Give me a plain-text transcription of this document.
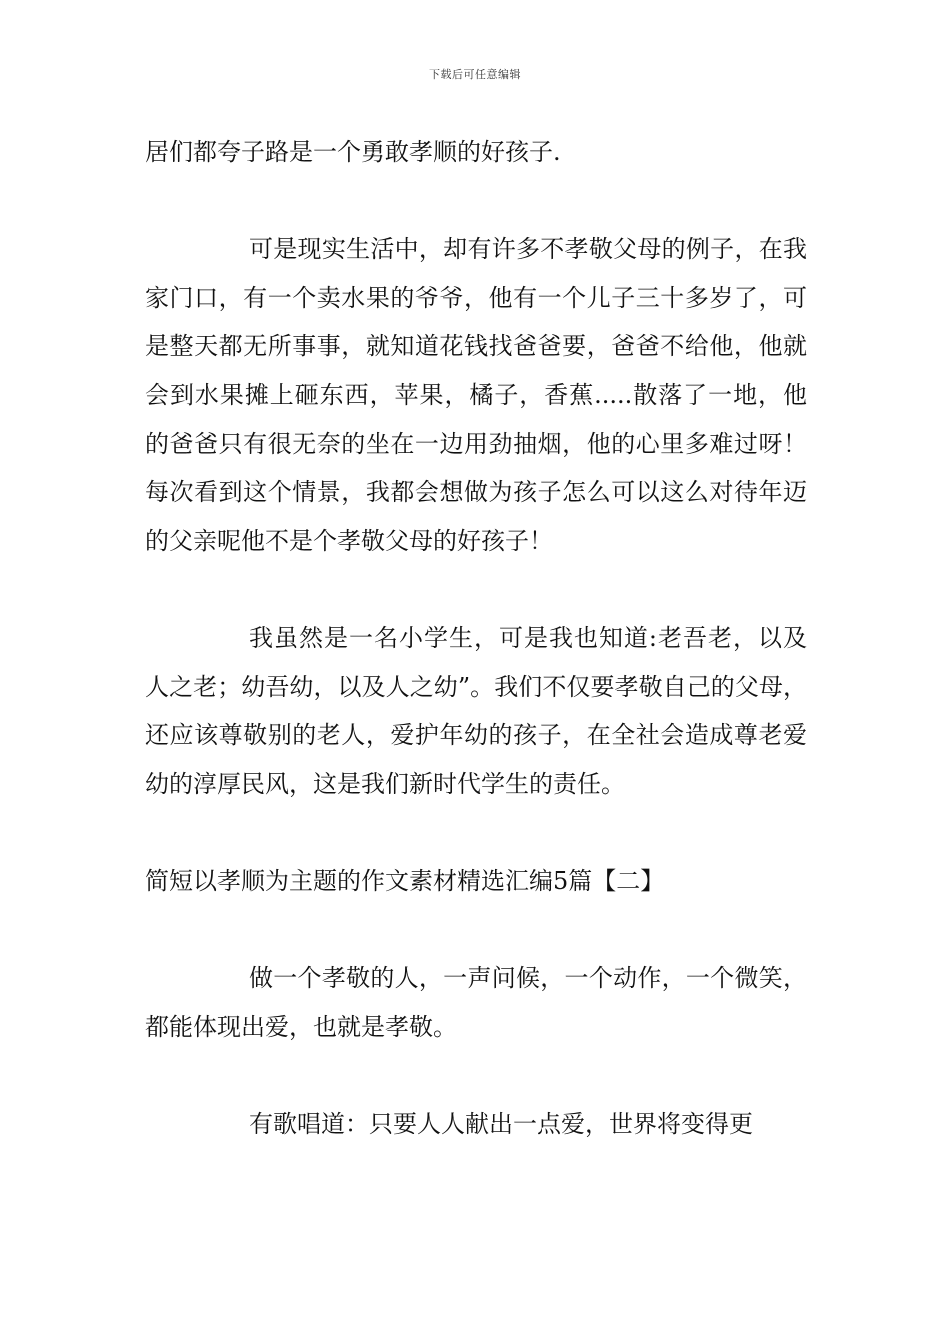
下载后可任意编辑

居们都夸子路是一个勇敢孝顺的好孩子.

可是现实生活中，却有许多不孝敬父母的例子，在我家门口，有一个卖水果的爷爷，他有一个儿子三十多岁了，可是整天都无所事事，就知道花钱找爸爸要，爸爸不给他，他就会到水果摊上砸东西，苹果，橘子，香蕉.....散落了一地，他的爸爸只有很无奈的坐在一边用劲抽烟，他的心里多难过呀！每次看到这个情景，我都会想做为孩子怎么可以这么对待年迈的父亲呢他不是个孝敬父母的好孩子！

我虽然是一名小学生，可是我也知道:老吾老，以及人之老；幼吾幼，以及人之幼”。我们不仅要孝敬自己的父母，还应该尊敬别的老人，爱护年幼的孩子，在全社会造成尊老爱幼的淳厚民风，这是我们新时代学生的责任。

简短以孝顺为主题的作文素材精选汇编5篇【二】

做一个孝敬的人，一声问候，一个动作，一个微笑，都能体现出爱，也就是孝敬。

有歌唱道：只要人人献出一点爱，世界将变得更
